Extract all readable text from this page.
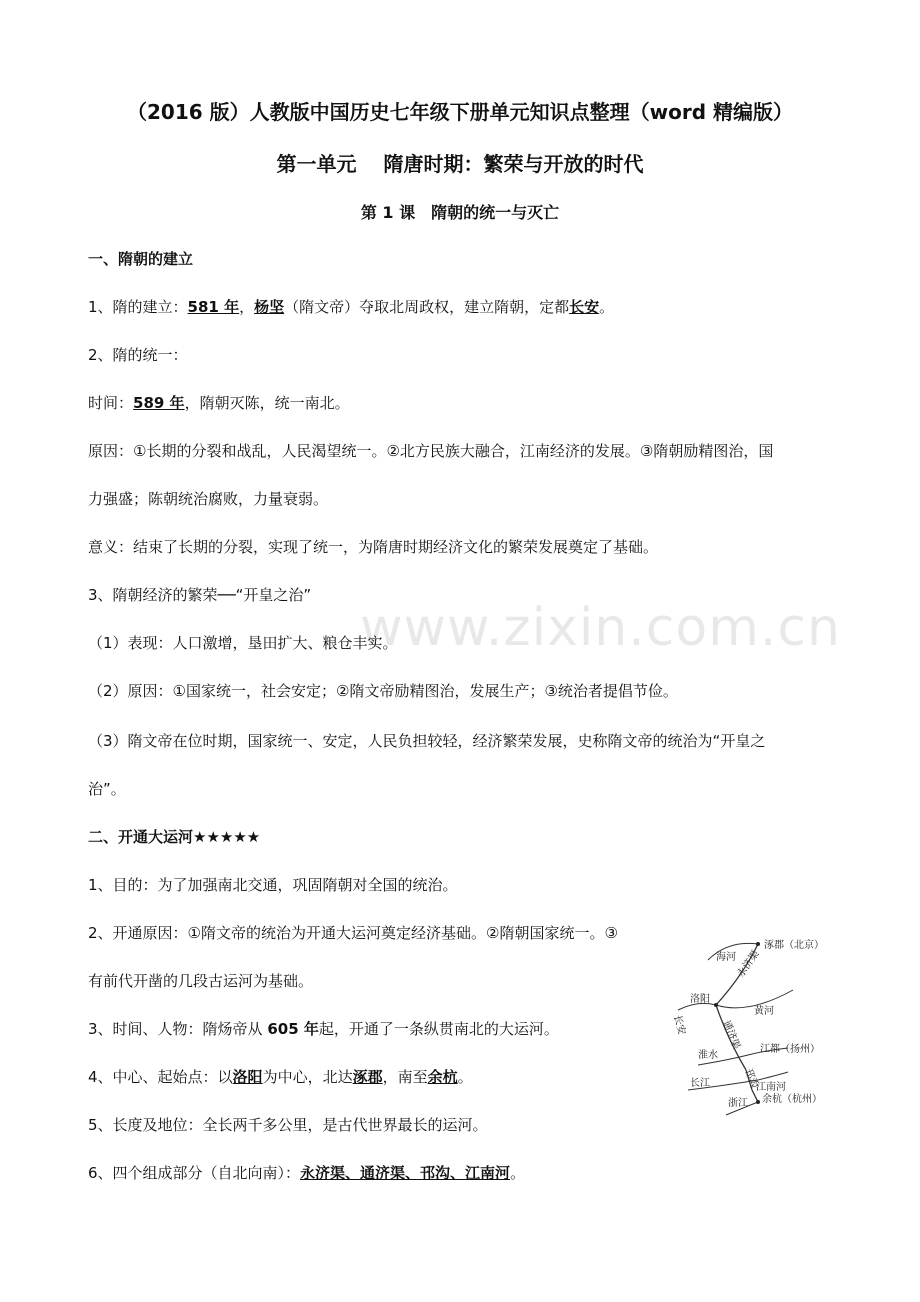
www.zixin.com.cn
（2016 版）人教版中国历史七年级下册单元知识点整理（word 精编版）
第一单元　 隋唐时期：繁荣与开放的时代
第 1 课　隋朝的统一与灭亡
一、隋朝的建立
1、隋的建立：581 年，杨坚（隋文帝）夺取北周政权，建立隋朝，定都长安。
2、隋的统一：
时间：589 年，隋朝灭陈，统一南北。
原因：①长期的分裂和战乱，人民渴望统一。②北方民族大融合，江南经济的发展。③隋朝励精图治，国
力强盛；陈朝统治腐败，力量衰弱。
意义：结束了长期的分裂，实现了统一，为隋唐时期经济文化的繁荣发展奠定了基础。
3、隋朝经济的繁荣──“开皇之治”
（1）表现：人口激增，垦田扩大、粮仓丰实。
（2）原因：①国家统一，社会安定；②隋文帝励精图治，发展生产；③统治者提倡节俭。
（3）隋文帝在位时期，国家统一、安定，人民负担较轻，经济繁荣发展，史称隋文帝的统治为“开皇之
治”。
二、开通大运河★★★★★
1、目的：为了加强南北交通，巩固隋朝对全国的统治。
2、开通原因：①隋文帝的统治为开通大运河奠定经济基础。②隋朝国家统一。③
有前代开凿的几段古运河为基础。
3、时间、人物：隋炀帝从 605 年起，开通了一条纵贯南北的大运河。
4、中心、起始点：以洛阳为中心，北达涿郡，南至余杭。
5、长度及地位：全长两千多公里，是古代世界最长的运河。
6、四个组成部分（自北向南）：永济渠、通济渠、邗沟、江南河。
涿郡（北京）
海河 永济渠
洛阳
黄河
长安	通济渠
淮水
江都（扬州）
邗沟
长江	江南河
浙江 余杭（杭州）
